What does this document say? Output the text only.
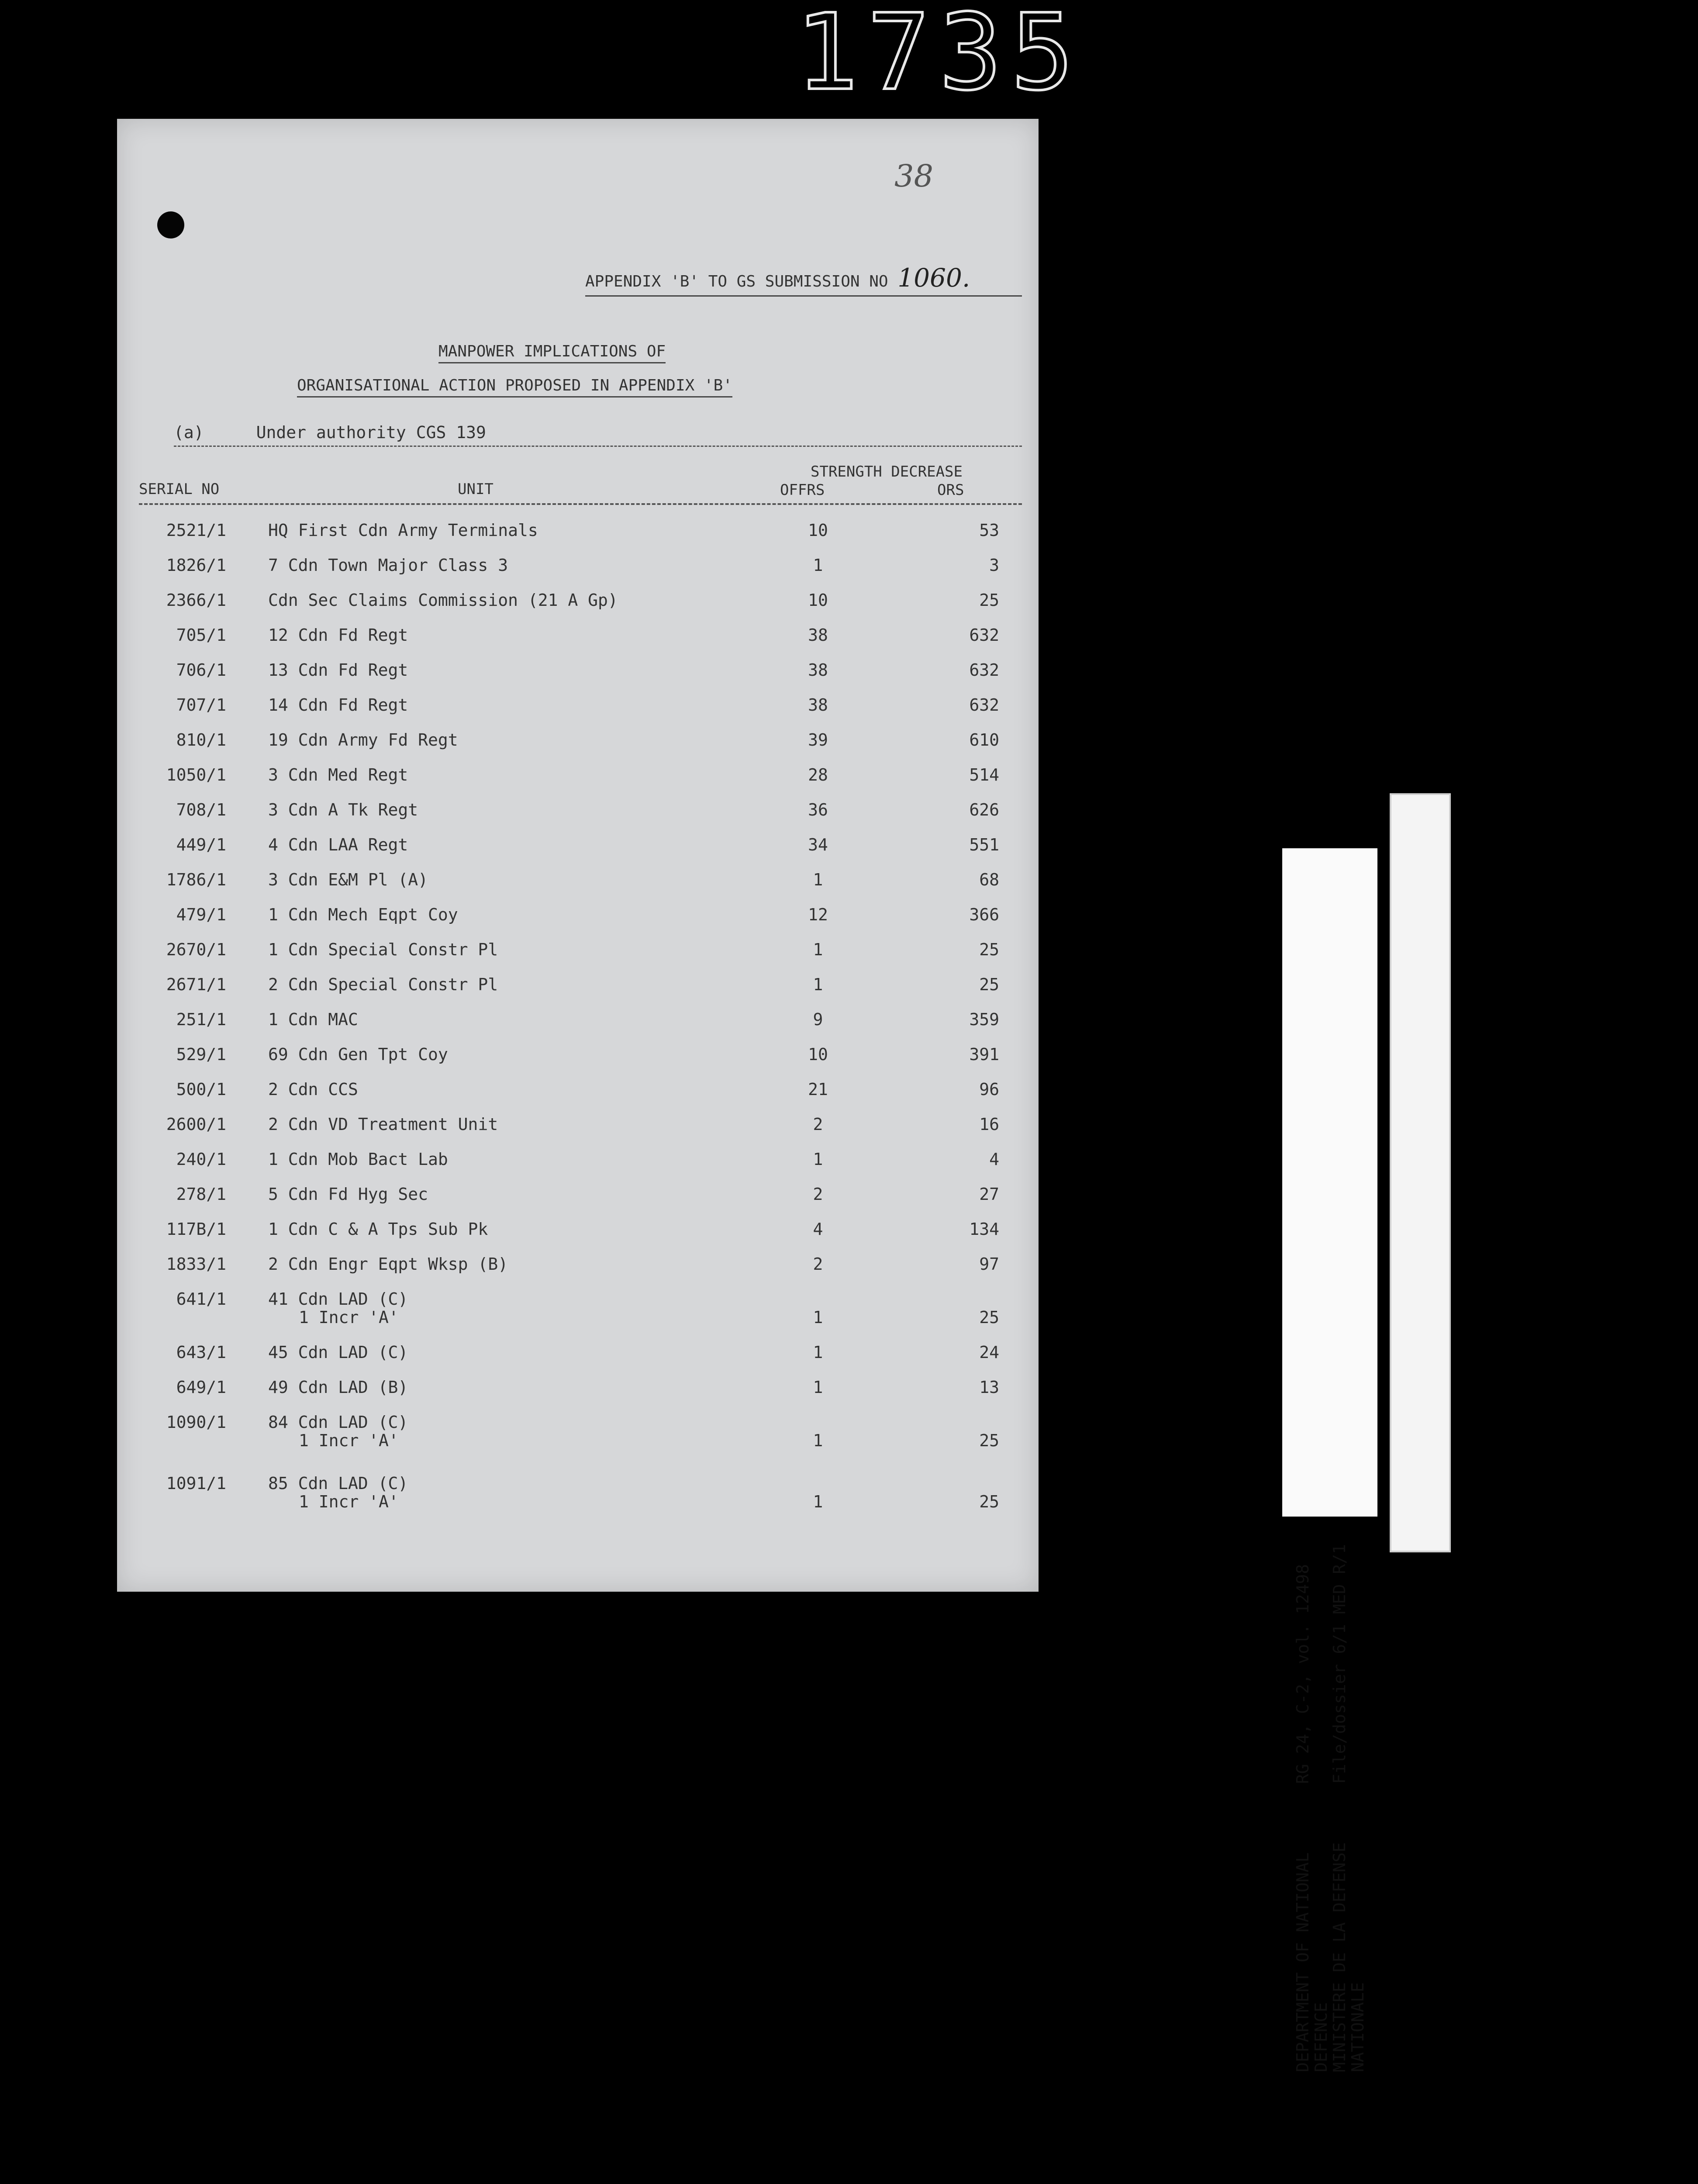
1735
38
APPENDIX 'B' TO GS SUBMISSION NO 1060.
MANPOWER IMPLICATIONS OF
ORGANISATIONAL ACTION PROPOSED IN APPENDIX 'B'
(a)	Under authority CGS 139
STRENGTH DECREASE
SERIAL NO	UNIT	OFFRS	ORS
2521/1	HQ First Cdn Army Terminals	10	53
1826/1	7 Cdn Town Major Class 3	1	3
2366/1	Cdn Sec Claims Commission (21 A Gp)	10	25
705/1	12 Cdn Fd Regt	38	632
706/1	13 Cdn Fd Regt	38	632
707/1	14 Cdn Fd Regt	38	632
810/1	19 Cdn Army Fd Regt	39	610
1050/1	3 Cdn Med Regt	28	514
708/1	3 Cdn A Tk Regt	36	626
449/1	4 Cdn LAA Regt	34	551
1786/1	3 Cdn E&M Pl (A)	1	68
479/1	1 Cdn Mech Eqpt Coy	12	366
2670/1	1 Cdn Special Constr Pl	1	25
2671/1	2 Cdn Special Constr Pl	1	25
251/1	1 Cdn MAC	9	359
529/1	69 Cdn Gen Tpt Coy	10	391
500/1	2 Cdn CCS	21	96
2600/1	2 Cdn VD Treatment Unit	2	16
240/1	1 Cdn Mob Bact Lab	1	4
278/1	5 Cdn Fd Hyg Sec	2	27
117B/1	1 Cdn C & A Tps Sub Pk	4	134
1833/1	2 Cdn Engr Eqpt Wksp (B)	2	97
641/1	41 Cdn LAD (C)
1 Incr 'A'	1	25
643/1	45 Cdn LAD (C)	1	24
649/1	49 Cdn LAD (B)	1	13
1090/1	84 Cdn LAD (C)
1 Incr 'A'	1	25
1091/1	85 Cdn LAD (C)
1 Incr 'A'	1	25
DEPARTMENT OF NATIONAL
RG 24, C-2, vol. 12498
DEFENCE
MINISTERE DE LA DEFENSE
File/dossier 6/1 MED R/1
NATIONALE National Archives of Canada Archives nationales du Canada
